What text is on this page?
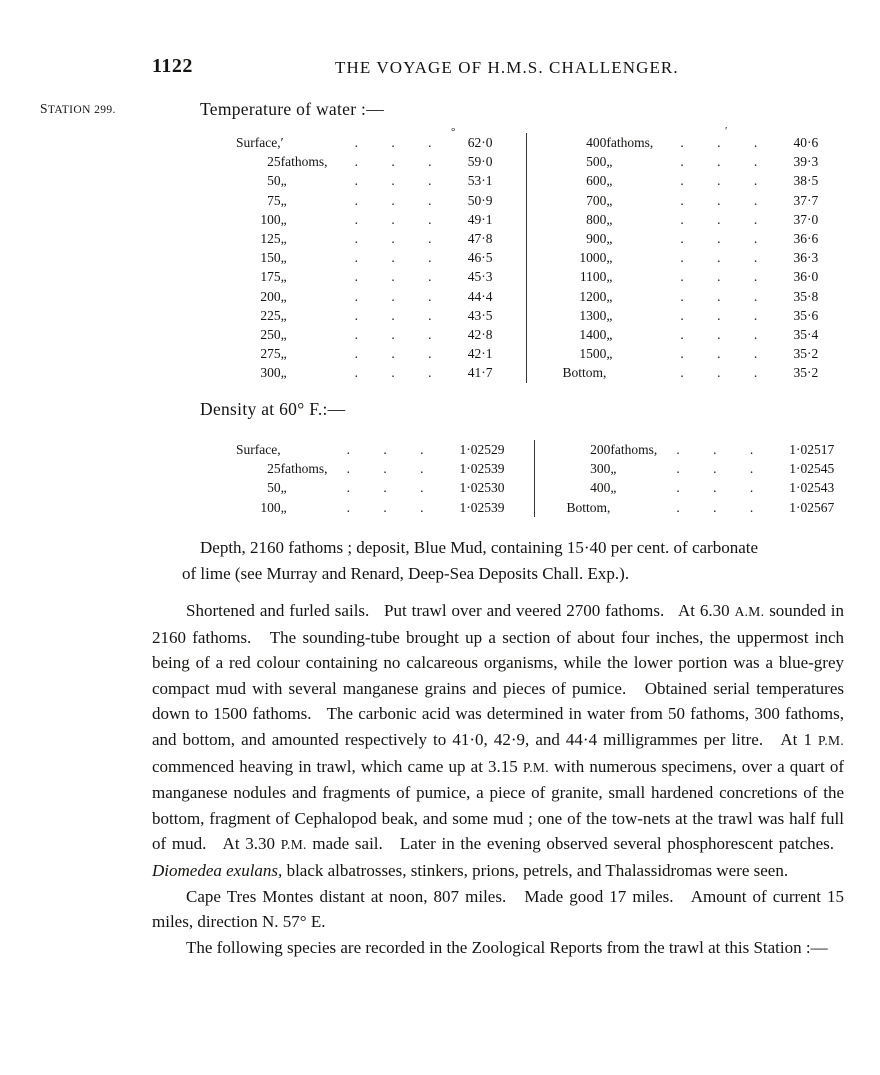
1122	THE VOYAGE OF H.M.S. CHALLENGER.
STATION 299.	Temperature of water :—
°	′
Surface,	′	. . .	62·0				400	fathoms,	. . .	40·6
25	fathoms,	. . .	59·0				500	„	. . .	39·3
50	„	. . .	53·1				600	„	. . .	38·5
75	„	. . .	50·9				700	„	. . .	37·7
100	„	. . .	49·1				800	„	. . .	37·0
125	„	. . .	47·8				900	„	. . .	36·6
150	„	. . .	46·5				1000	„	. . .	36·3
175	„	. . .	45·3				1100	„	. . .	36·0
200	„	. . .	44·4				1200	„	. . .	35·8
225	„	. . .	43·5				1300	„	. . .	35·6
250	„	. . .	42·8				1400	„	. . .	35·4
275	„	. . .	42·1				1500	„	. . .	35·2
300	„	. . .	41·7				Bottom,		. . .	35·2
Density at 60° F.:—
Surface,		. . .	1·02529				200	fathoms,	. . .	1·02517
25	fathoms,	. . .	1·02539				300	„	. . .	1·02545
50	„	. . .	1·02530				400	„	. . .	1·02543
100	„	. . .	1·02539				Bottom,		. . .	1·02567
Depth, 2160 fathoms ; deposit, Blue Mud, containing 15·40 per cent. of carbonate
of lime (see Murray and Renard, Deep-Sea Deposits Chall. Exp.).

Shortened and furled sails.   Put trawl over and veered 2700 fathoms.   At 6.30 A.M. sounded in 2160 fathoms.   The sounding-tube brought up a section of about four inches, the uppermost inch being of a red colour containing no calcareous organisms, while the lower portion was a blue-grey compact mud with several manganese grains and pieces of pumice.   Obtained serial temperatures down to 1500 fathoms.   The carbonic acid was determined in water from 50 fathoms, 300 fathoms, and bottom, and amounted respectively to 41·0, 42·9, and 44·4 milligrammes per litre.   At 1 P.M. commenced heaving in trawl, which came up at 3.15 P.M. with numerous specimens, over a quart of manganese nodules and fragments of pumice, a piece of granite, small hardened concretions of the bottom, fragment of Cephalopod beak, and some mud ; one of the tow-nets at the trawl was half full of mud.   At 3.30 P.M. made sail.   Later in the evening observed several phosphorescent patches.   Diomedea exulans, black albatrosses, stinkers, prions, petrels, and Thalassidromas were seen.

Cape Tres Montes distant at noon, 807 miles.   Made good 17 miles.   Amount of current 15 miles, direction N. 57° E.

The following species are recorded in the Zoological Reports from the trawl at this Station :—
